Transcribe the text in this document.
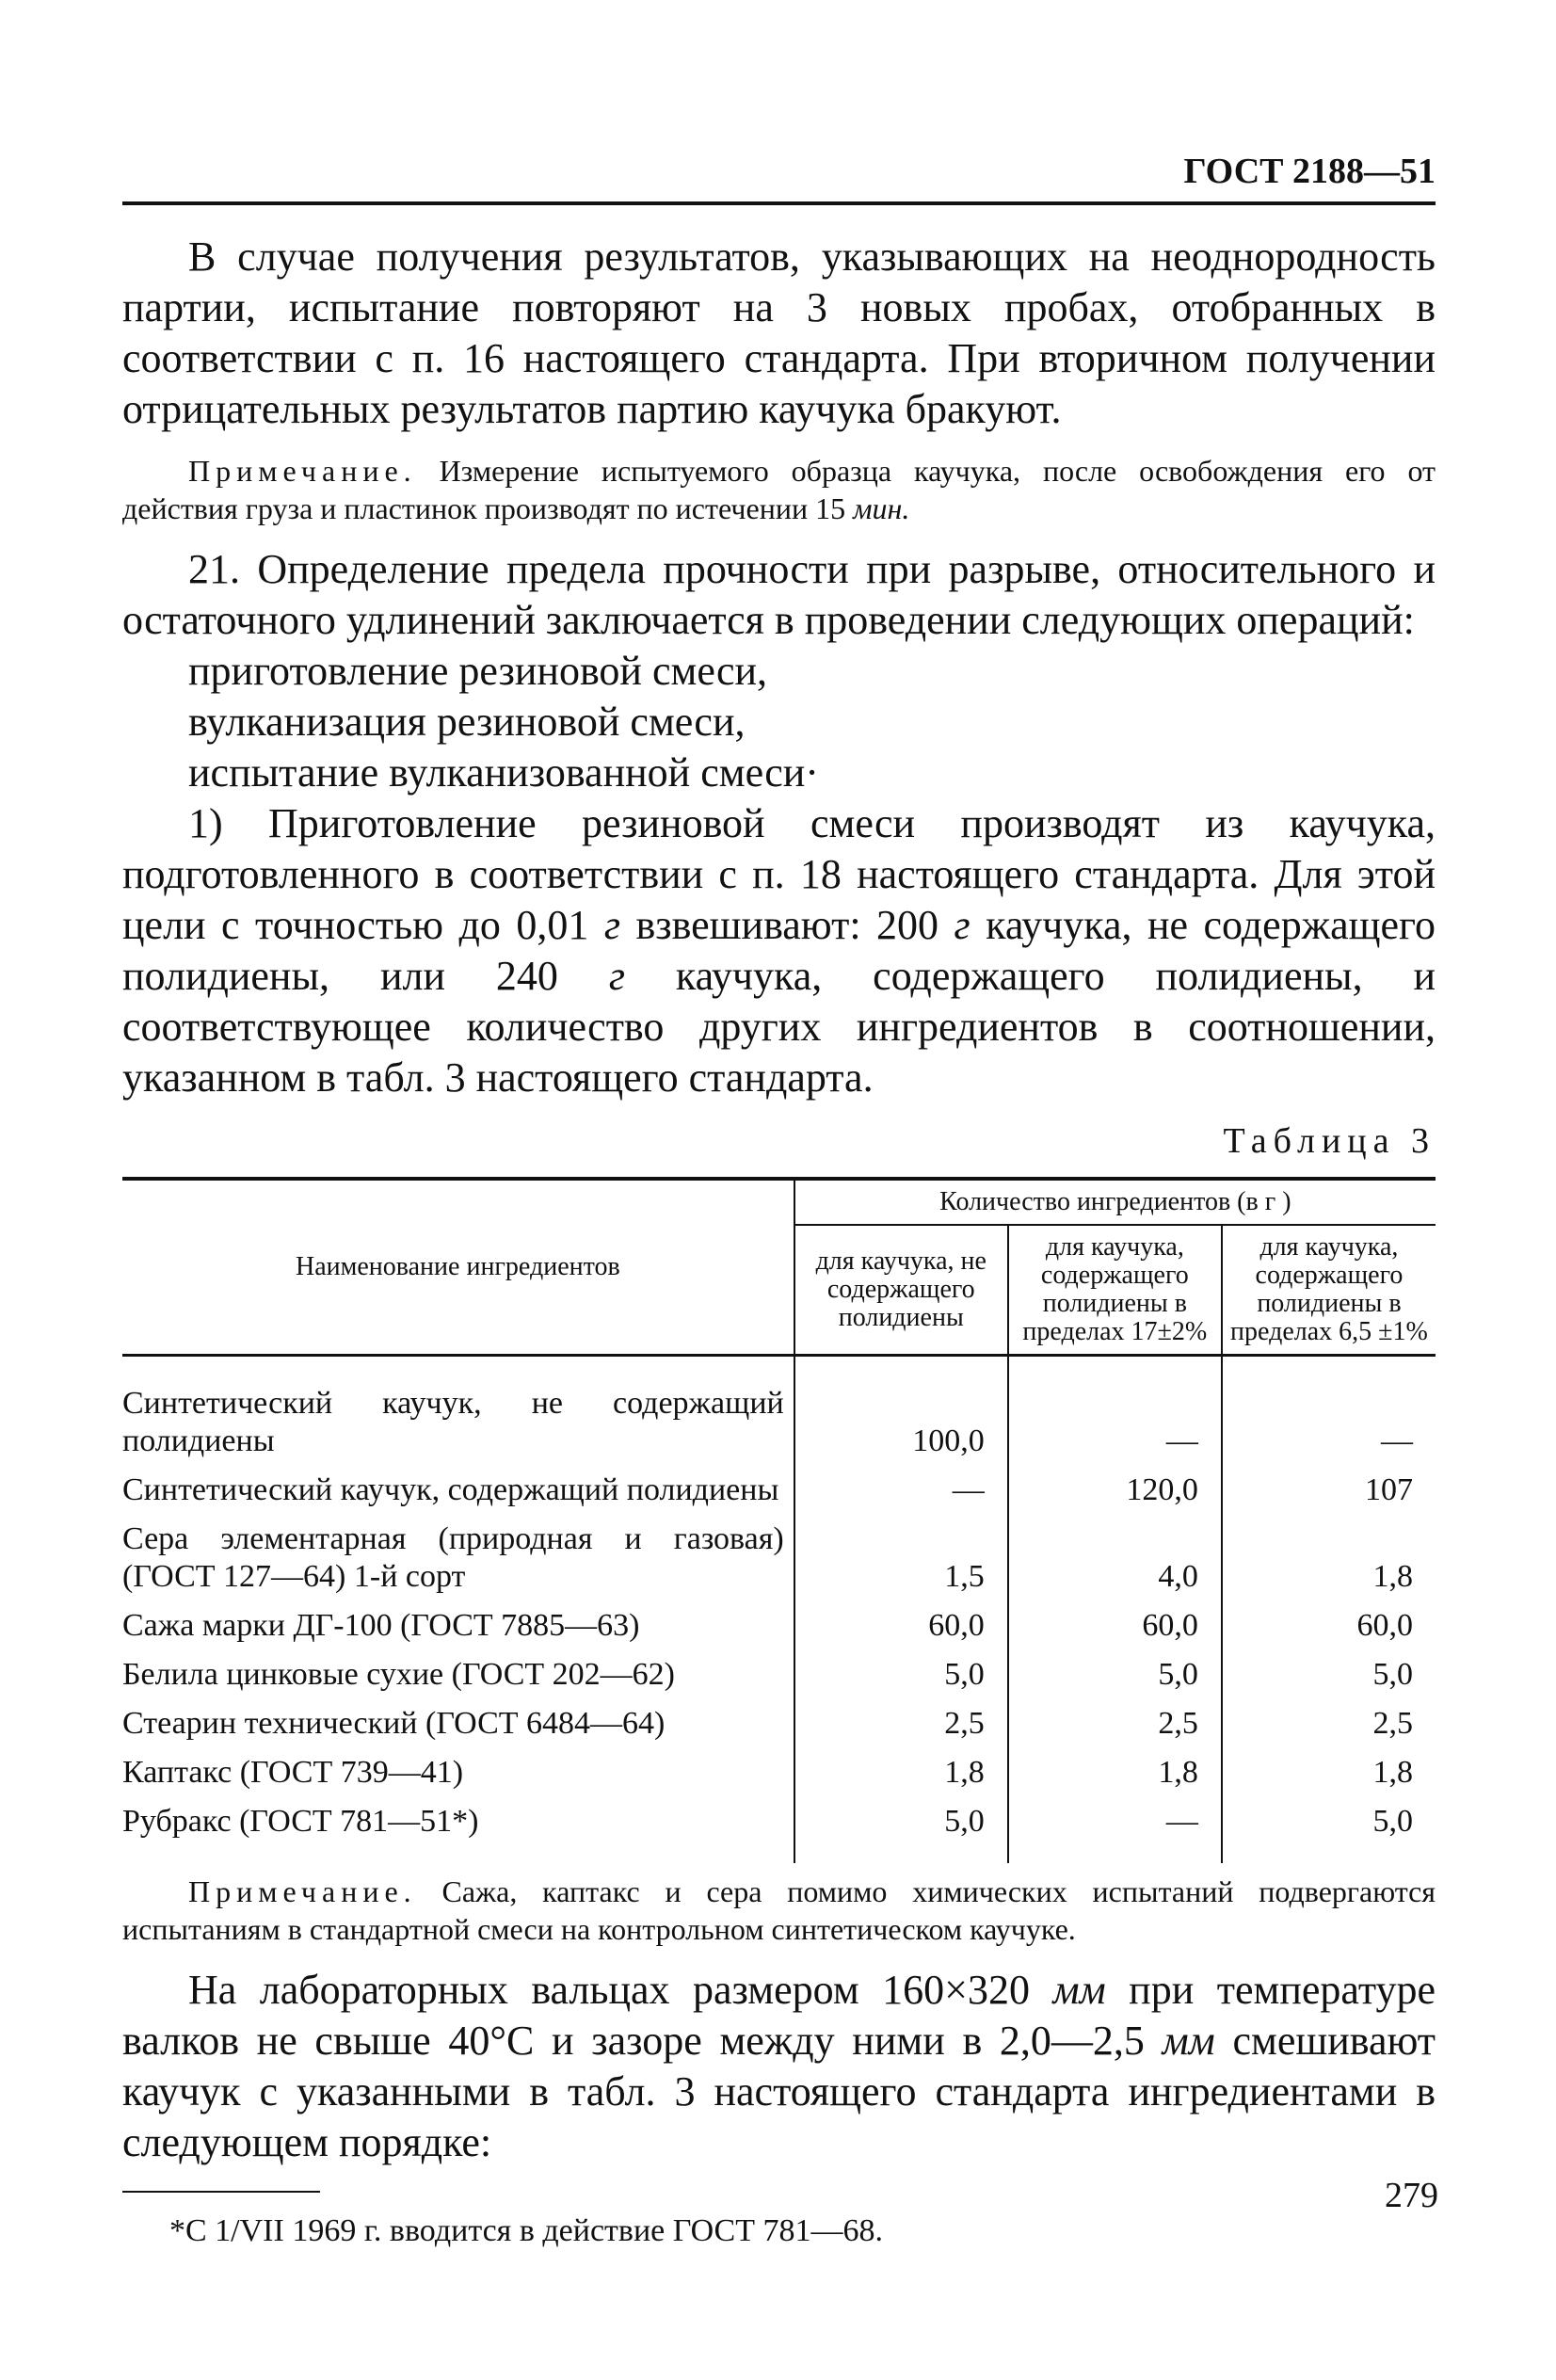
ГОСТ 2188—51

В случае получения результатов, указывающих на неоднородность партии, испытание повторяют на 3 новых пробах, отобранных в соответствии с п. 16 настоящего стандарта. При вторичном получении отрицательных результатов партию каучука бракуют.

Примечание. Измерение испытуемого образца каучука, после освобождения его от действия груза и пластинок производят по истечении 15 мин.

21. Определение предела прочности при разрыве, относительного и остаточного удлинений заключается в проведении следующих операций:

приготовление резиновой смеси,
вулканизация резиновой смеси,
испытание вулканизованной смеси·

1) Приготовление резиновой смеси производят из каучука, подготовленного в соответствии с п. 18 настоящего стандарта. Для этой цели с точностью до 0,01 г взвешивают: 200 г каучука, не содержащего полидиены, или 240 г каучука, содержащего полидиены, и соответствующее количество других ингредиентов в соотношении, указанном в табл. 3 настоящего стандарта.

Таблица 3
Наименование ингредиентов	Количество ингредиентов (в г )		
	для каучука, не содержащего полидиены	для каучука, содержащего полидиены в пределах 17±2%	для каучука, содержащего полидиены в пределах 6,5 ±1%
Синтетический каучук, не содержащий полидиены	100,0	—	—
Синтетический каучук, содержащий полидиены	—	120,0	107
Сера элементарная (природная и газовая) (ГОСТ 127—64) 1-й сорт	1,5	4,0	1,8
Сажа марки ДГ-100 (ГОСТ 7885—63)	60,0	60,0	60,0
Белила цинковые сухие (ГОСТ 202—62)	5,0	5,0	5,0
Стеарин технический (ГОСТ 6484—64)	2,5	2,5	2,5
Каптакс (ГОСТ 739—41)	1,8	1,8	1,8
Рубракс (ГОСТ 781—51*)	5,0	—	5,0

Примечание. Сажа, каптакс и сера помимо химических испытаний подвергаются испытаниям в стандартной смеси на контрольном синтетическом каучуке.

На лабораторных вальцах размером 160×320 мм при температуре валков не свыше 40°С и зазоре между ними в 2,0—2,5 мм смешивают каучук с указанными в табл. 3 настоящего стандарта ингредиентами в следующем порядке:

*С 1/VII 1969 г. вводится в действие ГОСТ 781—68.
279
